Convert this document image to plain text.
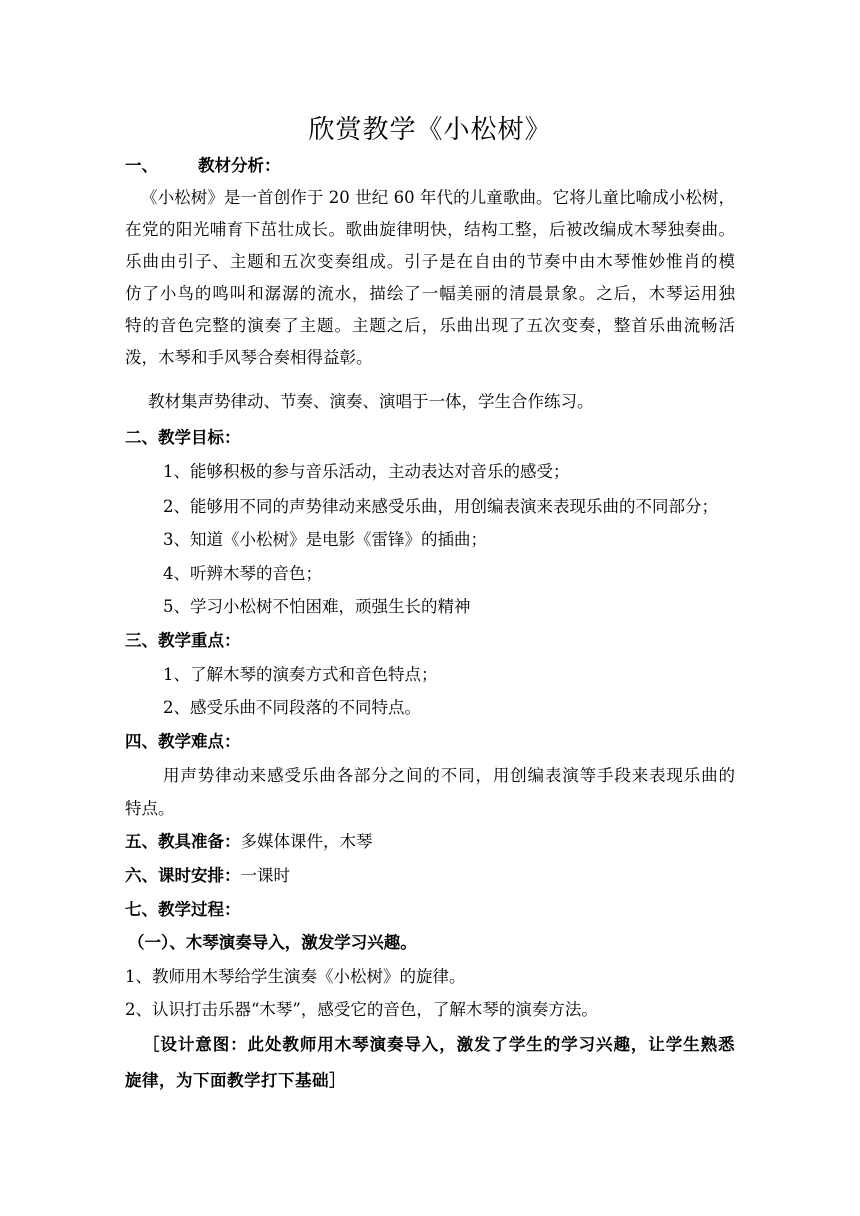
欣赏教学《小松树》
一、 教材分析：
《小松树》是一首创作于 20 世纪 60 年代的儿童歌曲。它将儿童比喻成小松树，
在党的阳光哺育下茁壮成长。歌曲旋律明快，结构工整，后被改编成木琴独奏曲。
乐曲由引子、主题和五次变奏组成。引子是在自由的节奏中由木琴惟妙惟肖的模
仿了小鸟的鸣叫和潺潺的流水，描绘了一幅美丽的清晨景象。之后，木琴运用独
特的音色完整的演奏了主题。主题之后，乐曲出现了五次变奏，整首乐曲流畅活
泼，木琴和手风琴合奏相得益彰。
教材集声势律动、节奏、演奏、演唱于一体，学生合作练习。
二、教学目标：
1、能够积极的参与音乐活动，主动表达对音乐的感受；
2、能够用不同的声势律动来感受乐曲，用创编表演来表现乐曲的不同部分；
3、知道《小松树》是电影《雷锋》的插曲；
4、听辨木琴的音色；
5、学习小松树不怕困难，顽强生长的精神
三、教学重点：
1、了解木琴的演奏方式和音色特点；
2、感受乐曲不同段落的不同特点。
四、教学难点：
用声势律动来感受乐曲各部分之间的不同，用创编表演等手段来表现乐曲的
特点。
五、教具准备：多媒体课件，木琴
六、课时安排：一课时
七、教学过程：
（一）、木琴演奏导入，激发学习兴趣。
1、教师用木琴给学生演奏《小松树》的旋律。
2、认识打击乐器“木琴”，感受它的音色，了解木琴的演奏方法。
［设计意图：此处教师用木琴演奏导入，激发了学生的学习兴趣，让学生熟悉
旋律，为下面教学打下基础］
